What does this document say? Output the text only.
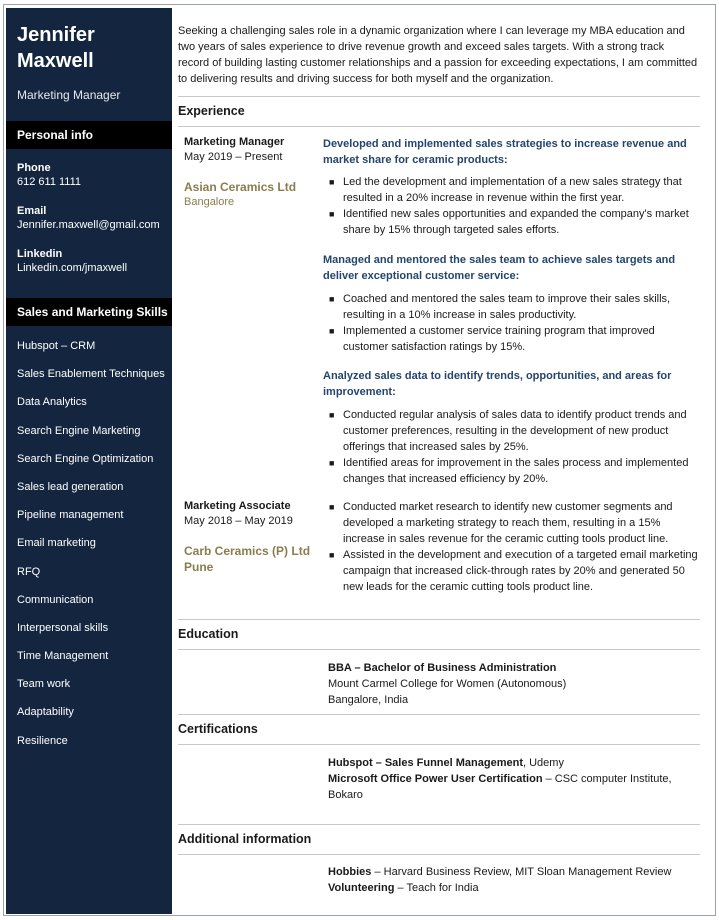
Jennifer
Maxwell
Marketing Manager
Personal info
Phone
612 611 1111
Email
Jennifer.maxwell@gmail.com
Linkedin
Linkedin.com/jmaxwell
Sales and Marketing Skills
Hubspot – CRM
Sales Enablement Techniques
Data Analytics
Search Engine Marketing
Search Engine Optimization
Sales lead generation
Pipeline management
Email marketing
RFQ
Communication
Interpersonal skills
Time Management
Team work
Adaptability
Resilience
Seeking a challenging sales role in a dynamic organization where I can leverage my MBA education and two years of sales experience to drive revenue growth and exceed sales targets. With a strong track record of building lasting customer relationships and a passion for exceeding expectations, I am committed to delivering results and driving success for both myself and the organization.
Experience
Marketing Manager
May 2019 – Present
Asian Ceramics Ltd
Bangalore
Developed and implemented sales strategies to increase revenue and market share for ceramic products:
■ Led the development and implementation of a new sales strategy that resulted in a 20% increase in revenue within the first year.
■ Identified new sales opportunities and expanded the company's market share by 15% through targeted sales efforts.
Managed and mentored the sales team to achieve sales targets and deliver exceptional customer service:
■ Coached and mentored the sales team to improve their sales skills, resulting in a 10% increase in sales productivity.
■ Implemented a customer service training program that improved customer satisfaction ratings by 15%.
Analyzed sales data to identify trends, opportunities, and areas for improvement:
■ Conducted regular analysis of sales data to identify product trends and customer preferences, resulting in the development of new product offerings that increased sales by 25%.
■ Identified areas for improvement in the sales process and implemented changes that increased efficiency by 20%.
Marketing Associate
May 2018 – May 2019
Carb Ceramics (P) Ltd
Pune
■ Conducted market research to identify new customer segments and developed a marketing strategy to reach them, resulting in a 15% increase in sales revenue for the ceramic cutting tools product line.
■ Assisted in the development and execution of a targeted email marketing campaign that increased click-through rates by 20% and generated 50 new leads for the ceramic cutting tools product line.
Education
BBA – Bachelor of Business Administration
Mount Carmel College for Women (Autonomous)
Bangalore, India
Certifications
Hubspot – Sales Funnel Management, Udemy
Microsoft Office Power User Certification – CSC computer Institute, Bokaro
Additional information
Hobbies – Harvard Business Review, MIT Sloan Management Review
Volunteering – Teach for India
